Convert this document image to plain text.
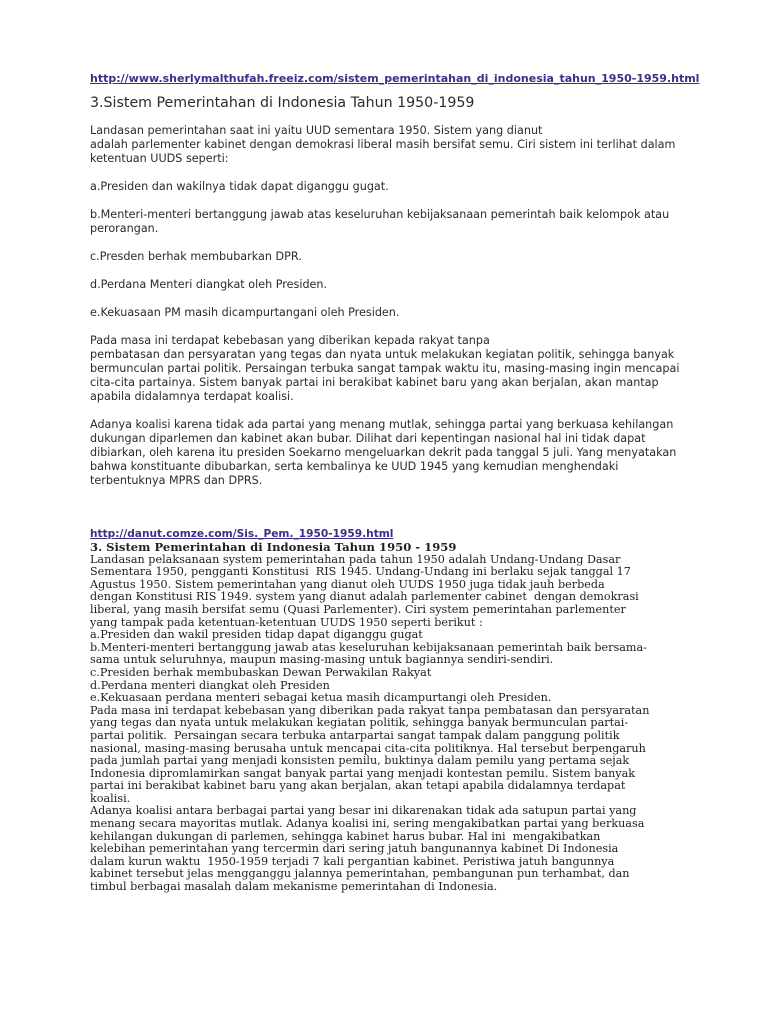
http://www.sherlymalthufah.freeiz.com/sistem_pemerintahan_di_indonesia_tahun_1950-1959.html
3.Sistem Pemerintahan di Indonesia Tahun 1950-1959

Landasan pemerintahan saat ini yaitu UUD sementara 1950. Sistem yang dianut
adalah parlementer kabinet dengan demokrasi liberal masih bersifat semu. Ciri sistem ini terlihat dalam ketentuan UUDS seperti:

a.Presiden dan wakilnya tidak dapat diganggu gugat.

b.Menteri-menteri bertanggung jawab atas keseluruhan kebijaksanaan pemerintah baik kelompok atau perorangan.

c.Presden berhak membubarkan DPR.

d.Perdana Menteri diangkat oleh Presiden.

e.Kekuasaan PM masih dicampurtangani oleh Presiden.

Pada masa ini terdapat kebebasan yang diberikan kepada rakyat tanpa
pembatasan dan persyaratan yang tegas dan nyata untuk melakukan kegiatan politik, sehingga banyak bermunculan partai politik. Persaingan terbuka sangat tampak waktu itu, masing-masing ingin mencapai cita-cita partainya. Sistem banyak partai ini berakibat kabinet baru yang akan berjalan, akan mantap apabila didalamnya terdapat koalisi.

Adanya koalisi karena tidak ada partai yang menang mutlak, sehingga partai yang berkuasa kehilangan dukungan diparlemen dan kabinet akan bubar. Dilihat dari kepentingan nasional hal ini tidak dapat dibiarkan, oleh karena itu presiden Soekarno mengeluarkan dekrit pada tanggal 5 juli. Yang menyatakan bahwa konstituante dibubarkan, serta kembalinya ke UUD 1945 yang kemudian menghendaki terbentuknya MPRS dan DPRS.

http://danut.comze.com/Sis._Pem._1950-1959.html
3. Sistem Pemerintahan di Indonesia Tahun 1950 - 1959
Landasan pelaksanaan system pemerintahan pada tahun 1950 adalah Undang-Undang Dasar
Sementara 1950, pengganti Konstitusi  RIS 1945. Undang-Undang ini berlaku sejak tanggal 17
Agustus 1950. Sistem pemerintahan yang dianut oleh UUDS 1950 juga tidak jauh berbeda
dengan Konstitusi RIS 1949. system yang dianut adalah parlementer cabinet  dengan demokrasi
liberal, yang masih bersifat semu (Quasi Parlementer). Ciri system pemerintahan parlementer
yang tampak pada ketentuan-ketentuan UUDS 1950 seperti berikut :
a.Presiden dan wakil presiden tidap dapat diganggu gugat
b.Menteri-menteri bertanggung jawab atas keseluruhan kebijaksanaan pemerintah baik bersama-
sama untuk seluruhnya, maupun masing-masing untuk bagiannya sendiri-sendiri.
c.Presiden berhak membubaskan Dewan Perwakilan Rakyat
d.Perdana menteri diangkat oleh Presiden
e.Kekuasaan perdana menteri sebagai ketua masih dicampurtangi oleh Presiden.
Pada masa ini terdapat kebebasan yang diberikan pada rakyat tanpa pembatasan dan persyaratan
yang tegas dan nyata untuk melakukan kegiatan politik, sehingga banyak bermunculan partai-
partai politik.  Persaingan secara terbuka antarpartai sangat tampak dalam panggung politik
nasional, masing-masing berusaha untuk mencapai cita-cita politiknya. Hal tersebut berpengaruh
pada jumlah partai yang menjadi konsisten pemilu, buktinya dalam pemilu yang pertama sejak
Indonesia dipromlamirkan sangat banyak partai yang menjadi kontestan pemilu. Sistem banyak
partai ini berakibat kabinet baru yang akan berjalan, akan tetapi apabila didalamnya terdapat
koalisi.
Adanya koalisi antara berbagai partai yang besar ini dikarenakan tidak ada satupun partai yang
menang secara mayoritas mutlak. Adanya koalisi ini, sering mengakibatkan partai yang berkuasa
kehilangan dukungan di parlemen, sehingga kabinet harus bubar. Hal ini  mengakibatkan
kelebihan pemerintahan yang tercermin dari sering jatuh bangunannya kabinet Di Indonesia
dalam kurun waktu  1950-1959 terjadi 7 kali pergantian kabinet. Peristiwa jatuh bangunnya
kabinet tersebut jelas mengganggu jalannya pemerintahan, pembangunan pun terhambat, dan
timbul berbagai masalah dalam mekanisme pemerintahan di Indonesia.
